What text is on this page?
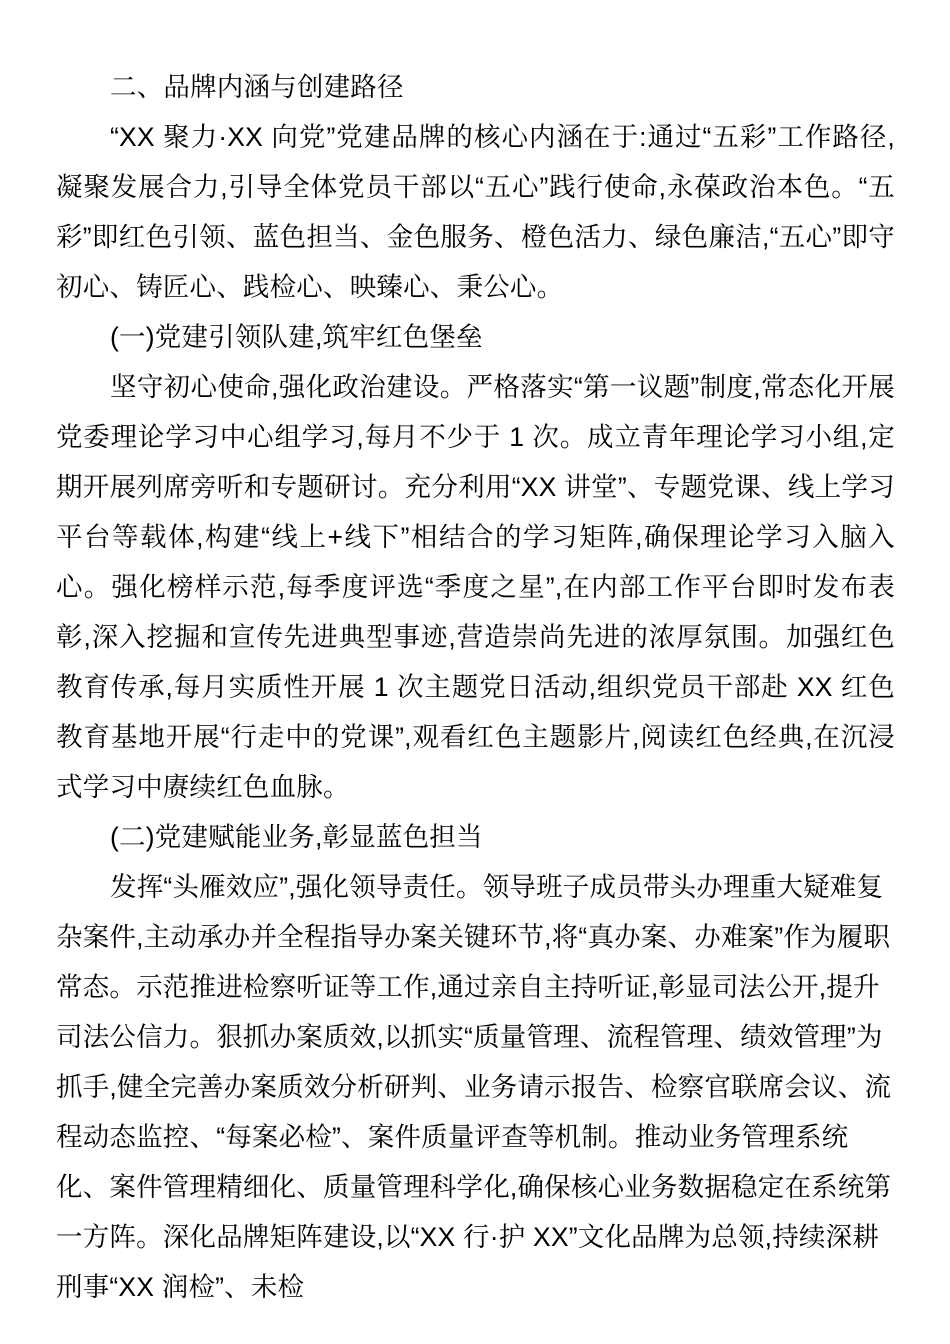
二、品牌内涵与创建路径

“XX 聚力·XX 向党”党建品牌的核心内涵在于:通过“五彩”工作路径,凝聚发展合力,引导全体党员干部以“五心”践行使命,永葆政治本色。“五彩”即红色引领、蓝色担当、金色服务、橙色活力、绿色廉洁,“五心”即守初心、铸匠心、践检心、映臻心、秉公心。

(一)党建引领队建,筑牢红色堡垒

坚守初心使命,强化政治建设。严格落实“第一议题”制度,常态化开展党委理论学习中心组学习,每月不少于 1 次。成立青年理论学习小组,定期开展列席旁听和专题研讨。充分利用“XX 讲堂”、专题党课、线上学习平台等载体,构建“线上+线下”相结合的学习矩阵,确保理论学习入脑入心。强化榜样示范,每季度评选“季度之星”,在内部工作平台即时发布表彰,深入挖掘和宣传先进典型事迹,营造崇尚先进的浓厚氛围。加强红色教育传承,每月实质性开展 1 次主题党日活动,组织党员干部赴 XX 红色教育基地开展“行走中的党课”,观看红色主题影片,阅读红色经典,在沉浸式学习中赓续红色血脉。

(二)党建赋能业务,彰显蓝色担当

发挥“头雁效应”,强化领导责任。领导班子成员带头办理重大疑难复杂案件,主动承办并全程指导办案关键环节,将“真办案、办难案”作为履职常态。示范推进检察听证等工作,通过亲自主持听证,彰显司法公开,提升司法公信力。狠抓办案质效,以抓实“质量管理、流程管理、绩效管理”为抓手,健全完善办案质效分析研判、业务请示报告、检察官联席会议、流程动态监控、“每案必检”、案件质量评查等机制。推动业务管理系统化、案件管理精细化、质量管理科学化,确保核心业务数据稳定在系统第一方阵。深化品牌矩阵建设,以“XX 行·护 XX”文化品牌为总领,持续深耕刑事“XX 润检”、未检
